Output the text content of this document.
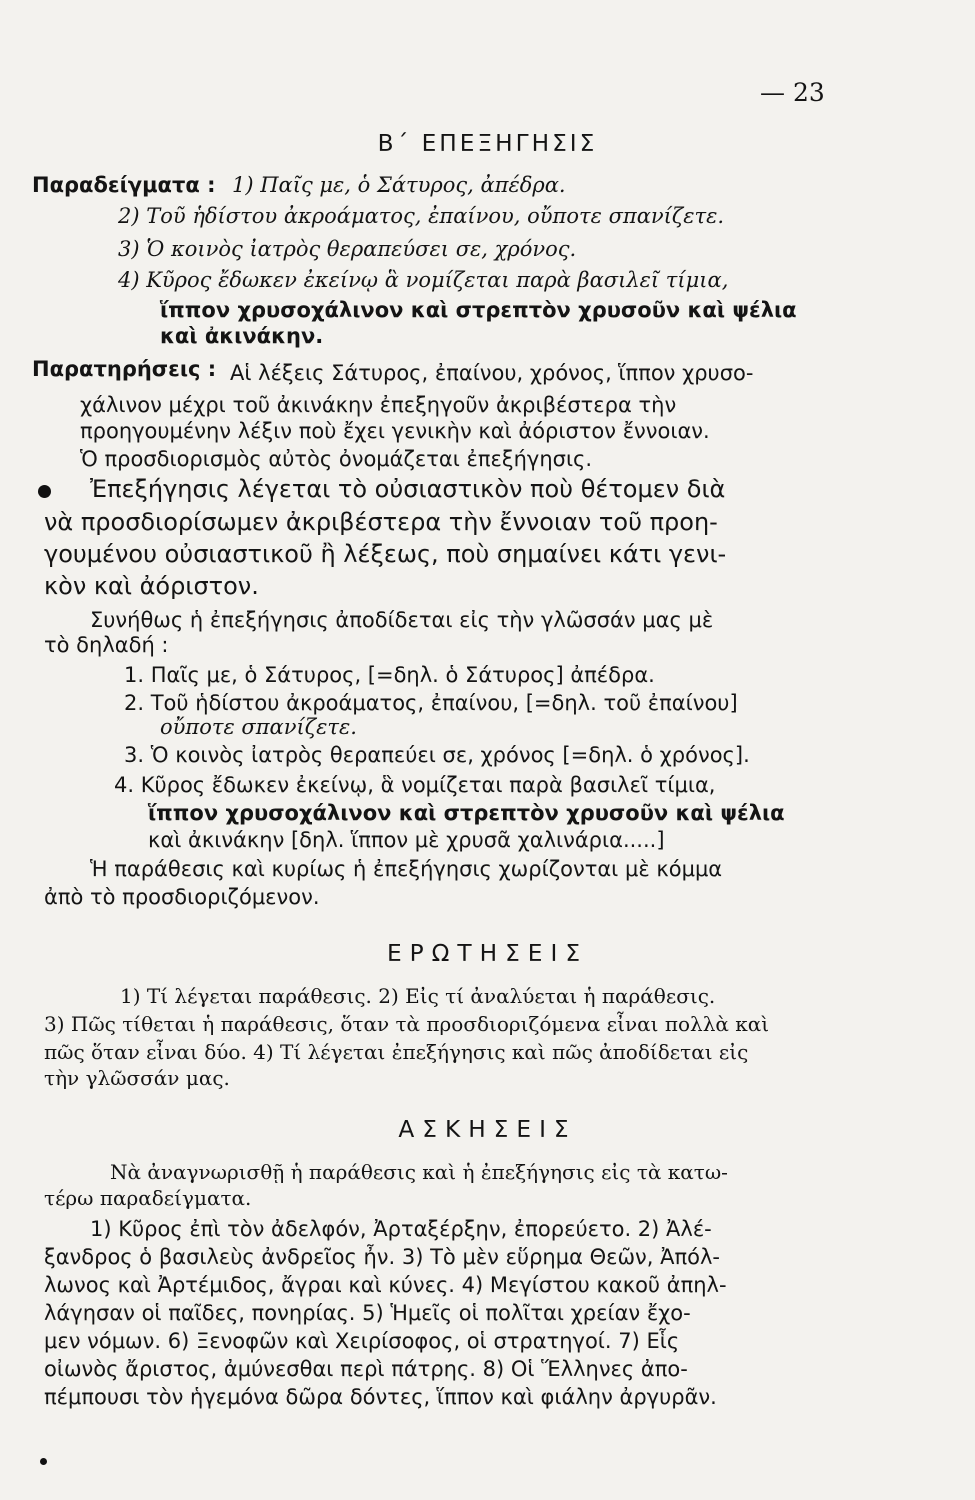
— 23
Β΄ ΕΠΕΞΗΓΗΣΙΣ
Παραδείγματα : 1) Παῖς με, ὁ Σάτυρος, ἀπέδρα.
2) Τοῦ ἡδίστου ἀκροάματος, ἐπαίνου, οὔποτε σπανίζετε.
3) Ὁ κοινὸς ἰατρὸς θεραπεύσει σε, χρόνος.
4) Κῦρος ἔδωκεν ἐκείνῳ ἃ νομίζεται παρὰ βασιλεῖ τίμια,
ἵππον χρυσοχάλινον καὶ στρεπτὸν χρυσοῦν καὶ ψέλια
καὶ ἀκινάκην.
Παρατηρήσεις : Αἱ λέξεις Σάτυρος, ἐπαίνου, χρόνος, ἵππον χρυσο-
χάλινον μέχρι τοῦ ἀκινάκην ἐπεξηγοῦν ἀκριβέστερα τὴν
προηγουμένην λέξιν ποὺ ἔχει γενικὴν καὶ ἀόριστον ἔννοιαν.
Ὁ προσδιορισμὸς αὐτὸς ὀνομάζεται ἐπεξήγησις.
Ἐπεξήγησις λέγεται τὸ οὐσιαστικὸν ποὺ θέτομεν διὰ
νὰ προσδιορίσωμεν ἀκριβέστερα τὴν ἔννοιαν τοῦ προη-
γουμένου οὐσιαστικοῦ ἢ λέξεως, ποὺ σημαίνει κάτι γενι-
κὸν καὶ ἀόριστον.
Συνήθως ἡ ἐπεξήγησις ἀποδίδεται εἰς τὴν γλῶσσάν μας μὲ
τὸ δηλαδή :
1. Παῖς με, ὁ Σάτυρος, [=δηλ. ὁ Σάτυρος] ἀπέδρα.
2. Τοῦ ἡδίστου ἀκροάματος, ἐπαίνου, [=δηλ. τοῦ ἐπαίνου]
οὔποτε σπανίζετε.
3. Ὁ κοινὸς ἰατρὸς θεραπεύει σε, χρόνος [=δηλ. ὁ χρόνος].
4. Κῦρος ἔδωκεν ἐκείνῳ, ἃ νομίζεται παρὰ βασιλεῖ τίμια,
ἵππον χρυσοχάλινον καὶ στρεπτὸν χρυσοῦν καὶ ψέλια
καὶ ἀκινάκην [δηλ. ἵππον μὲ χρυσᾶ χαλινάρια.....]
Ἡ παράθεσις καὶ κυρίως ἡ ἐπεξήγησις χωρίζονται μὲ κόμμα
ἀπὸ τὸ προσδιοριζόμενον.
ΕΡΩΤΗΣΕΙΣ
1) Τί λέγεται παράθεσις. 2) Εἰς τί ἀναλύεται ἡ παράθεσις.
3) Πῶς τίθεται ἡ παράθεσις, ὅταν τὰ προσδιοριζόμενα εἶναι πολλὰ καὶ
πῶς ὅταν εἶναι δύο. 4) Τί λέγεται ἐπεξήγησις καὶ πῶς ἀποδίδεται εἰς
τὴν γλῶσσάν μας.
ΑΣΚΗΣΕΙΣ
Νὰ ἀναγνωρισθῇ ἡ παράθεσις καὶ ἡ ἐπεξήγησις εἰς τὰ κατω-
τέρω παραδείγματα.
1) Κῦρος ἐπὶ τὸν ἀδελφόν, Ἀρταξέρξην, ἐπορεύετο. 2) Ἀλέ-
ξανδρος ὁ βασιλεὺς ἀνδρεῖος ἦν. 3) Τὸ μὲν εὕρημα Θεῶν, Ἀπόλ-
λωνος καὶ Ἀρτέμιδος, ἄγραι καὶ κύνες. 4) Μεγίστου κακοῦ ἀπηλ-
λάγησαν οἱ παῖδες, πονηρίας. 5) Ἡμεῖς οἱ πολῖται χρείαν ἔχο-
μεν νόμων. 6) Ξενοφῶν καὶ Χειρίσοφος, οἱ στρατηγοί. 7) Εἷς
οἰωνὸς ἄριστος, ἀμύνεσθαι περὶ πάτρης. 8) Οἱ Ἕλληνες ἀπο-
πέμπουσι τὸν ἡγεμόνα δῶρα δόντες, ἵππον καὶ φιάλην ἀργυρᾶν.
